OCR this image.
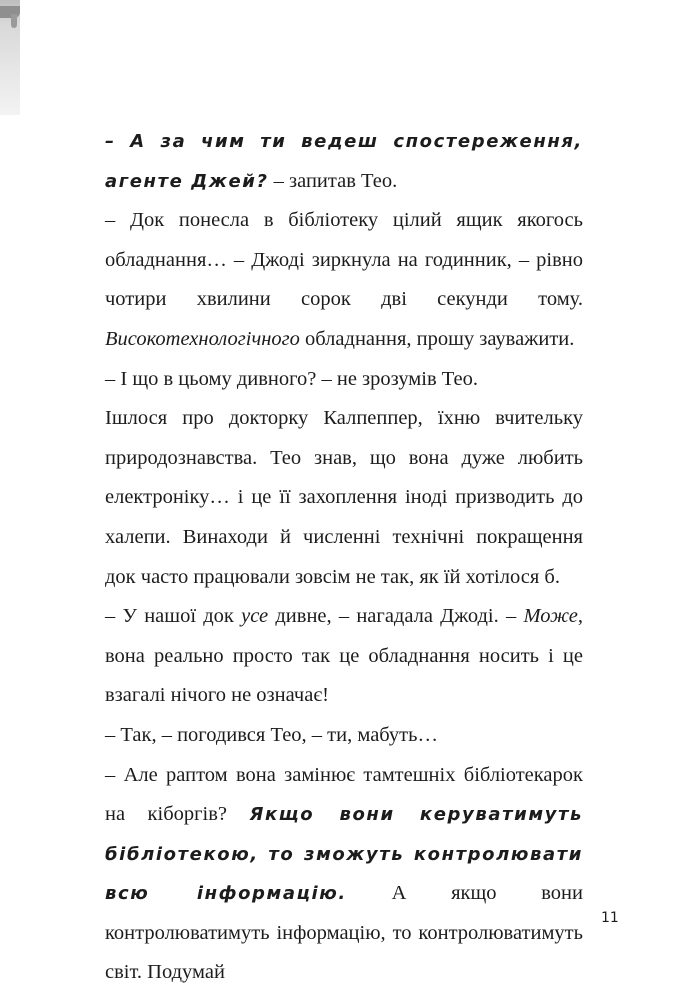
– А за чим ти ведеш спостереження, агенте Джей? – запитав Тео.

– Док понесла в бібліотеку цілий ящик якогось обладнання… – Джоді зиркнула на годинник, – рівно чотири хвилини сорок дві секунди тому. Високотехнологічного обладнання, прошу зауважити.

– І що в цьому дивного? – не зрозумів Тео.

Ішлося про докторку Калпеппер, їхню вчительку природознавства. Тео знав, що вона дуже любить електроніку… і це її захоплення іноді призводить до халепи. Винаходи й численні технічні покращення док часто працювали зовсім не так, як їй хотілося б.

– У нашої док усе дивне, – нагадала Джоді. – Може, вона реально просто так це обладнання носить і це взагалі нічого не означає!

– Так, – погодився Тео, – ти, мабуть…

– Але раптом вона замінює тамтешніх бібліотекарок на кіборгів? Якщо вони керуватимуть бібліотекою, то зможуть контролювати всю інформацію. А якщо вони контролюватимуть інформацію, то контролюватимуть світ. Подумай

11
